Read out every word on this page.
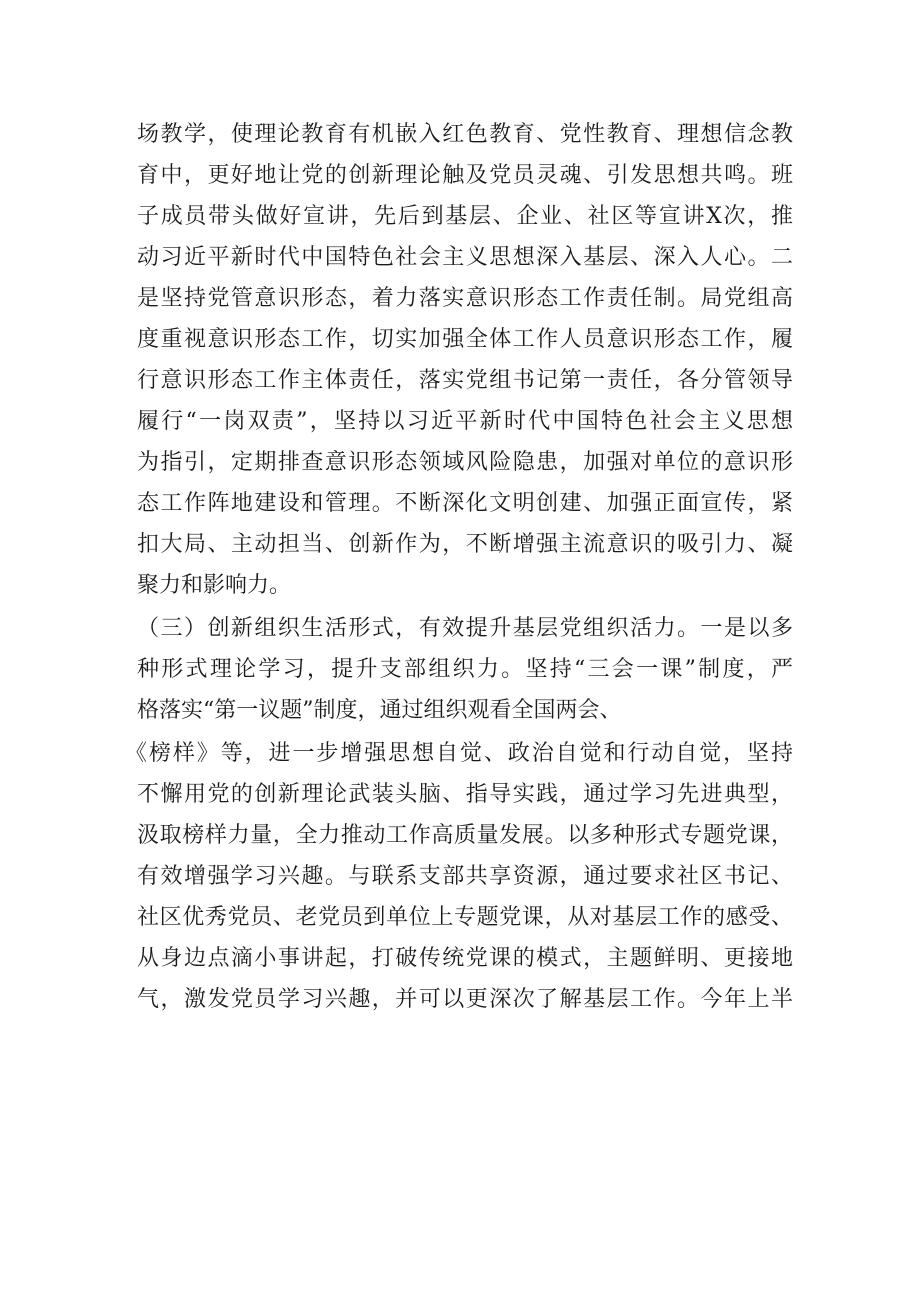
场教学，使理论教育有机嵌入红色教育、党性教育、理想信念教
育中，更好地让党的创新理论触及党员灵魂、引发思想共鸣。班
子成员带头做好宣讲，先后到基层、企业、社区等宣讲X次，推
动习近平新时代中国特色社会主义思想深入基层、深入人心。二
是坚持党管意识形态，着力落实意识形态工作责任制。局党组高
度重视意识形态工作，切实加强全体工作人员意识形态工作，履
行意识形态工作主体责任，落实党组书记第一责任，各分管领导
履行“一岗双责”，坚持以习近平新时代中国特色社会主义思想
为指引，定期排查意识形态领域风险隐患，加强对单位的意识形
态工作阵地建设和管理。不断深化文明创建、加强正面宣传，紧
扣大局、主动担当、创新作为，不断增强主流意识的吸引力、凝
聚力和影响力。
（三）创新组织生活形式，有效提升基层党组织活力。一是以多
种形式理论学习，提升支部组织力。坚持“三会一课”制度，严
格落实“第一议题”制度，通过组织观看全国两会、
《榜样》等，进一步增强思想自觉、政治自觉和行动自觉，坚持
不懈用党的创新理论武装头脑、指导实践，通过学习先进典型，
汲取榜样力量，全力推动工作高质量发展。以多种形式专题党课，
有效增强学习兴趣。与联系支部共享资源，通过要求社区书记、
社区优秀党员、老党员到单位上专题党课，从对基层工作的感受、
从身边点滴小事讲起，打破传统党课的模式，主题鲜明、更接地
气，激发党员学习兴趣，并可以更深次了解基层工作。今年上半
